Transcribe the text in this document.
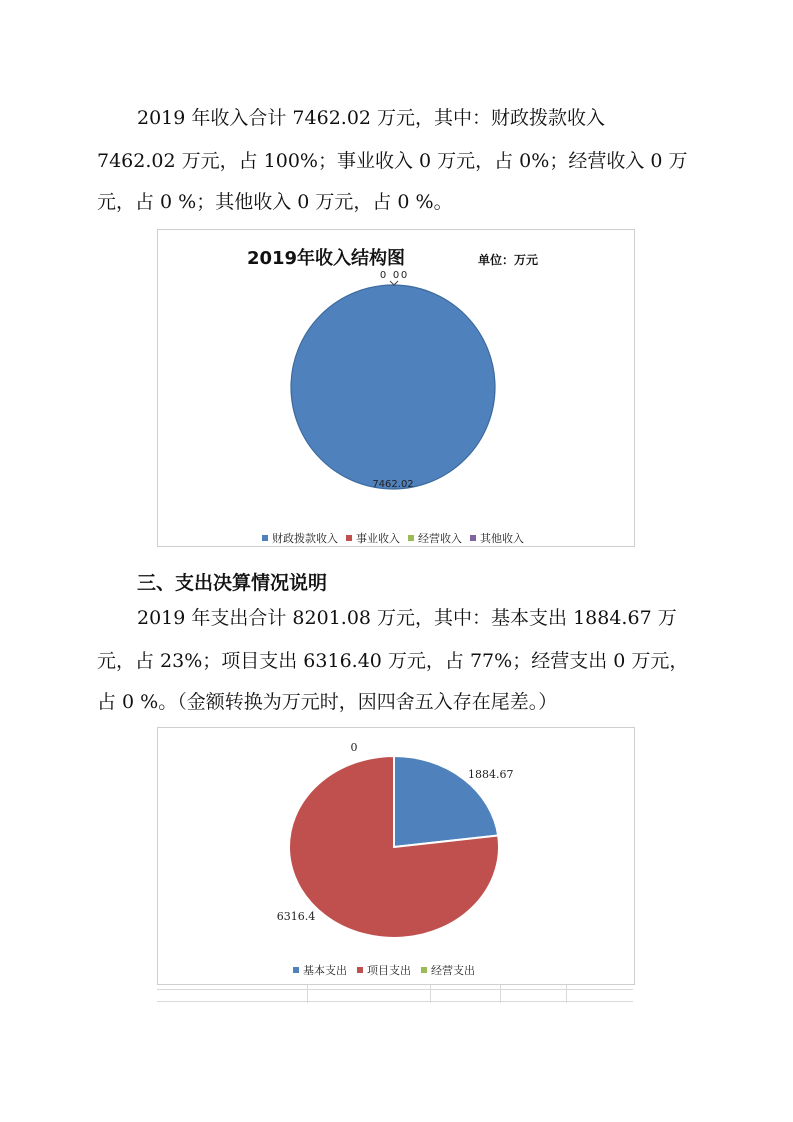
2019 年收入合计 7462.02 万元，其中：财政拨款收入
7462.02 万元，占 100%；事业收入 0 万元，占 0%；经营收入 0 万
元，占 0 %；其他收入 0 万元，占 0 %。
2019年收入结构图	单位：万元
7462.02
0 0 0
财政拨款收入 事业收入 经营收入 其他收入
三、支出决算情况说明
2019 年支出合计 8201.08 万元，其中：基本支出 1884.67 万
元，占 23%；项目支出 6316.40 万元，占 77%；经营支出 0 万元，
占 0 %。（金额转换为万元时，因四舍五入存在尾差。）
1884.67
6316.4
0
基本支出 项目支出 经营支出
